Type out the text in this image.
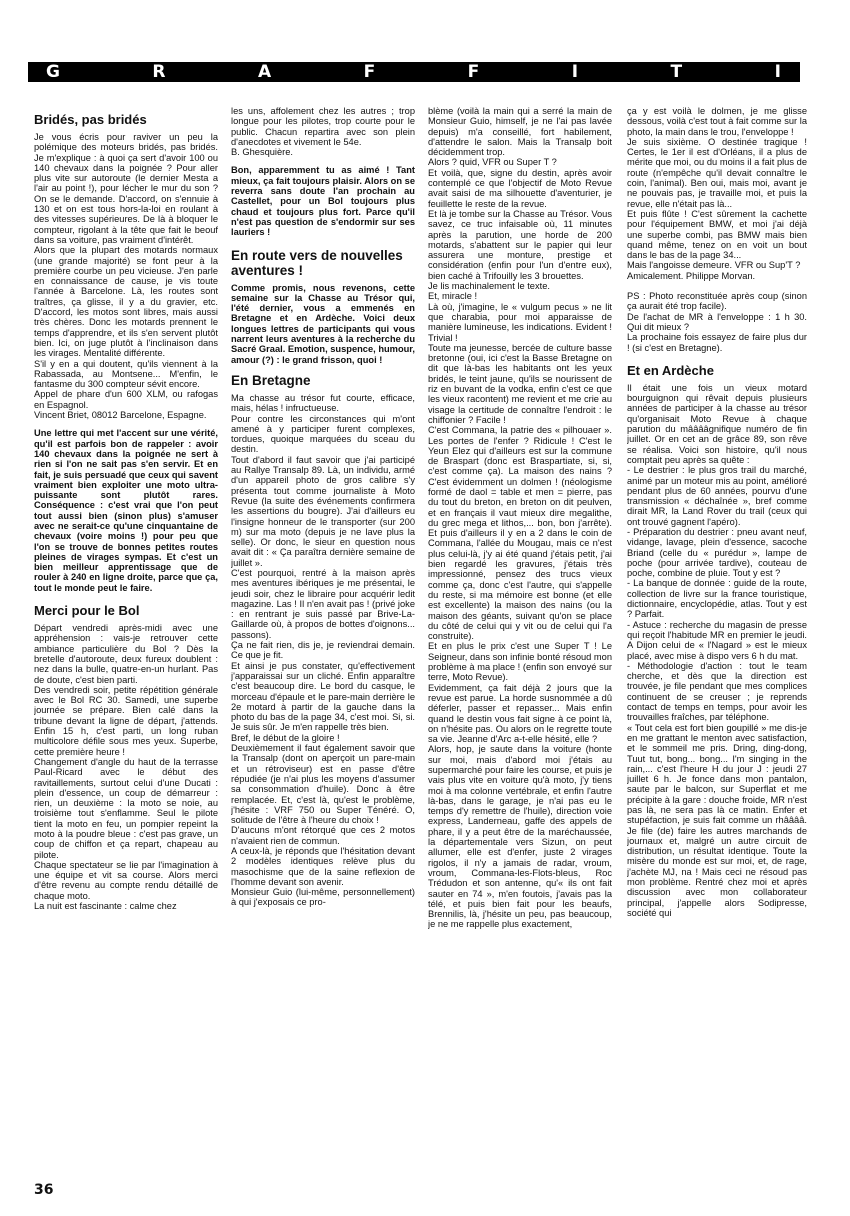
G	R	A	F	F	I	T	I
Bridés, pas bridés

Je vous écris pour raviver un peu la polémique des moteurs bridés, pas bridés. Je m'explique : à quoi ça sert d'avoir 100 ou 140 chevaux dans la poignée ? Pour aller plus vite sur autoroute (le dernier Mesta a l'air au point !), pour lécher le mur du son ? On se le demande. D'accord, on s'ennuie à 130 et on est tous hors-la-loi en roulant à des vitesses supérieures. De là à bloquer le compteur, rigolant à la tête que fait le beouf dans sa voiture, pas vraiment d'intérêt.

Alors que la plupart des motards normaux (une grande majorité) se font peur à la première courbe un peu vicieuse. J'en parle en connaissance de cause, je vis toute l'année à Barcelone. Là, les routes sont traîtres, ça glisse, il y a du gravier, etc. D'accord, les motos sont libres, mais aussi très chères. Donc les motards prennent le temps d'apprendre, et ils s'en servent plutôt bien. Ici, on juge plutôt à l'inclinaison dans les virages. Mentalité différente.

S'il y en a qui doutent, qu'ils viennent à la Rabassada, au Montsene... M'enfin, le fantasme du 300 compteur sévit encore.

Appel de phare d'un 600 XLM, ou rafogas en Espagnol.

Vincent Briet, 08012 Barcelone, Espagne.

Une lettre qui met l'accent sur une vérité, qu'il est parfois bon de rappeler : avoir 140 chevaux dans la poignée ne sert à rien si l'on ne sait pas s'en servir. Et en fait, je suis persuadé que ceux qui savent vraiment bien exploiter une moto ultra-puissante sont plutôt rares. Conséquence : c'est vrai que l'on peut tout aussi bien (sinon plus) s'amuser avec ne serait-ce qu'une cinquantaine de chevaux (voire moins !) pour peu que l'on se trouve de bonnes petites routes pleines de virages sympas. Et c'est un bien meilleur apprentissage que de rouler à 240 en ligne droite, parce que ça, tout le monde peut le faire.

Merci pour le Bol

Départ vendredi après-midi avec une appréhension : vais-je retrouver cette ambiance particulière du Bol ? Dès la bretelle d'autoroute, deux fureux doublent : nez dans la bulle, quatre-en-un hurlant. Pas de doute, c'est bien parti.

Des vendredi soir, petite répétition générale avec le Bol RC 30. Samedi, une superbe journée se prépare. Bien calé dans la tribune devant la ligne de départ, j'attends. Enfin 15 h, c'est parti, un long ruban multicolore défile sous mes yeux. Superbe, cette première heure !

Changement d'angle du haut de la terrasse Paul-Ricard avec le début des ravitaillements, surtout celui d'une Ducati : plein d'essence, un coup de démarreur : rien, un deuxième : la moto se noie, au troisième tout s'enflamme. Seul le pilote tient la moto en feu, un pompier repeint la moto à la poudre bleue : c'est pas grave, un coup de chiffon et ça repart, chapeau au pilote.

Chaque spectateur se lie par l'imagination à une équipe et vit sa course. Alors merci d'être revenu au compte rendu détaillé de chaque moto.

La nuit est fascinante : calme chez

les uns, affolement chez les autres ; trop longue pour les pilotes, trop courte pour le public. Chacun repartira avec son plein d'anecdotes et vivement le 54e.

B. Ghesquière.

Bon, apparemment tu as aimé ! Tant mieux, ça fait toujours plaisir. Alors on se reverra sans doute l'an prochain au Castellet, pour un Bol toujours plus chaud et toujours plus fort. Parce qu'il n'est pas question de s'endormir sur ses lauriers !

En route vers de nouvelles aventures !

Comme promis, nous revenons, cette semaine sur la Chasse au Trésor qui, l'été dernier, vous a emmenés en Bretagne et en Ardèche. Voici deux longues lettres de participants qui vous narrent leurs aventures à la recherche du Sacré Graal. Emotion, suspence, humour, amour (?) : le grand frisson, quoi !

En Bretagne

Ma chasse au trésor fut courte, efficace, mais, hélas ! infructueuse.

Pour contre les circonstances qui m'ont amené à y participer furent complexes, tordues, quoique marquées du sceau du destin.

Tout d'abord il faut savoir que j'ai participé au Rallye Transalp 89. Là, un individu, armé d'un appareil photo de gros calibre s'y présenta tout comme journaliste à Moto Revue (la suite des événements confirmera les assertions du bougre). J'ai d'ailleurs eu l'insigne honneur de le transporter (sur 200 m) sur ma moto (depuis je ne lave plus la selle). Or donc, le sieur en question nous avait dit : « Ça paraîtra dernière semaine de juillet ».

C'est pourquoi, rentré à la maison après mes aventures ibériques je me présentai, le jeudi soir, chez le libraire pour acquérir ledit magazine. Las ! Il n'en avait pas ! (privé joke : en rentrant je suis passé par Brive-La-Gaillarde où, à propos de bottes d'oignons... passons).

Ça ne fait rien, dis je, je reviendrai demain. Ce que je fit.

Et ainsi je pus constater, qu'effectivement j'apparaissai sur un cliché. Enfin apparaître c'est beaucoup dire. Le bord du casque, le morceau d'épaule et le pare-main derrière le 2e motard à partir de la gauche dans la photo du bas de la page 34, c'est moi. Si, si. Je suis sûr. Je m'en rappelle très bien.

Bref, le début de la gloire !

Deuxièmement il faut également savoir que la Transalp (dont on aperçoit un pare-main et un rétroviseur) est en passe d'être répudiée (je n'ai plus les moyens d'assumer sa consommation d'huile). Donc à être remplacée. Et, c'est là, qu'est le problème, j'hésite : VRF 750 ou Super Ténéré. O, solitude de l'être à l'heure du choix !

D'aucuns m'ont rétorqué que ces 2 motos n'avaient rien de commun.

A ceux-là, je réponds que l'hésitation devant 2 modèles identiques relève plus du masochisme que de la saine reflexion de l'homme devant son avenir.

Monsieur Guio (lui-même, personnellement) à qui j'exposais ce pro-

blème (voilà la main qui a serré la main de Monsieur Guio, himself, je ne l'ai pas lavée depuis) m'a conseillé, fort habilement, d'attendre le salon. Mais la Transalp boit décidemment trop.

Alors ? quid, VFR ou Super T ?

Et voilà, que, signe du destin, après avoir contemplé ce que l'objectif de Moto Revue avait saisi de ma silhouette d'aventurier, je feuillette le reste de la revue.

Et là je tombe sur la Chasse au Trésor. Vous savez, ce truc infaisable où, 11 minutes après la parution, une horde de 200 motards, s'abattent sur le papier qui leur assurera une monture, prestige et considération (enfin pour l'un d'entre eux), bien caché à Trifouilly les 3 brouettes.

Je lis machinalement le texte.

Et, miracle !

Là où, j'imagine, le « vulgum pecus » ne lit que charabia, pour moi apparaisse de manière lumineuse, les indications. Evident ! Trivial !

Toute ma jeunesse, bercée de culture basse bretonne (oui, ici c'est la Basse Bretagne on dit que là-bas les habitants ont les yeux bridés, le teint jaune, qu'ils se nourissent de riz en buvant de la vodka, enfin c'est ce que les vieux racontent) me revient et me crie au visage la certitude de connaître l'endroit : le chiffonier ? Facile !

C'est Commana, la patrie des « pilhouaer ». Les portes de l'enfer ? Ridicule ! C'est le Yeun Elez qui d'ailleurs est sur la commune de Braspart (donc est Braspartiate, si, si, c'est comme ça). La maison des nains ? C'est évidemment un dolmen ! (néologisme formé de daol = table et men = pierre, pas du tout du breton, en breton on dit peulven, et en français il vaut mieux dire megalithe, du grec mega et lithos,... bon, bon j'arrête). Et puis d'ailleurs il y en a 2 dans le coin de Commana, l'allée du Mougau, mais ce n'est plus celui-là, j'y ai été quand j'étais petit, j'ai bien regardé les gravures, j'étais très impressionné, pensez des trucs vieux comme ça, donc c'est l'autre, qui s'appelle du reste, si ma mémoire est bonne (et elle est excellente) la maison des nains (ou la maison des géants, suivant qu'on se place du côté de celui qui y vit ou de celui qui l'a construite).

Et en plus le prix c'est une Super T ! Le Seigneur, dans son infinie bonté résoud mon problème à ma place ! (enfin son envoyé sur terre, Moto Revue).

Evidemment, ça fait déjà 2 jours que la revue est parue. La horde susnommée a dû déferler, passer et repasser... Mais enfin quand le destin vous fait signe à ce point là, on n'hésite pas. Ou alors on le regrette toute sa vie. Jeanne d'Arc a-t-elle hésité, elle ?

Alors, hop, je saute dans la voiture (honte sur moi, mais d'abord moi j'étais au supermarché pour faire les course, et puis je vais plus vite en voiture qu'à moto, j'y tiens moi à ma colonne vertébrale, et enfin l'autre là-bas, dans le garage, je n'ai pas eu le temps d'y remettre de l'huile), direction voie express, Landerneau, gaffe des appels de phare, il y a peut être de la maréchaussée, la départementale vers Sizun, on peut allumer, elle est d'enfer, juste 2 virages rigolos, il n'y a jamais de radar, vroum, vroum, Commana-les-Flots-bleus, Roc Trédudon et son antenne, qu'« ils ont fait sauter en 74 », m'en foutois, j'avais pas la télé, et puis bien fait pour les beaufs, Brennilis, là, j'hésite un peu, pas beaucoup, je ne me rappelle plus exactement,

ça y est voilà le dolmen, je me glisse dessous, voilà c'est tout à fait comme sur la photo, la main dans le trou, l'enveloppe !

Je suis sixième. O destinée tragique ! Certes, le 1er il est d'Orléans, il a plus de mérite que moi, ou du moins il a fait plus de route (n'empêche qu'il devait connaître le coin, l'animal). Ben oui, mais moi, avant je ne pouvais pas, je travaille moi, et puis la revue, elle n'était pas là...

Et puis flûte ! C'est sûrement la cachette pour l'équipement BMW, et moi j'ai déjà une superbe combi, pas BMW mais bien quand même, tenez on en voit un bout dans le bas de la page 34...

Mais l'angoisse demeure. VFR ou Sup'T ?

Amicalement. Philippe Morvan.

PS : Photo reconstituée après coup (sinon ça aurait été trop facile).

De l'achat de MR à l'enveloppe : 1 h 30. Qui dit mieux ?

La prochaine fois essayez de faire plus dur ! (si c'est en Bretagne).

Et en Ardèche

Il était une fois un vieux motard bourguignon qui rêvait depuis plusieurs années de participer à la chasse au trésor qu'organisait Moto Revue à chaque parution du mââââgnifique numéro de fin juillet. Or en cet an de grâce 89, son rêve se réalisa. Voici son histoire, qu'il nous comptait peu après sa quête :

- Le destrier : le plus gros trail du marché, animé par un moteur mis au point, amélioré pendant plus de 60 années, pourvu d'une transmission « déchaînée », bref comme dirait MR, la Land Rover du trail (ceux qui ont trouvé gagnent l'apéro).

- Préparation du destrier : pneu avant neuf, vidange, lavage, plein d'essence, sacoche Briand (celle du « purédur », lampe de poche (pour arrivée tardive), couteau de poche, combine de pluie. Tout y est ?

- La banque de donnée : guide de la route, collection de livre sur la france touristique, dictionnaire, encyclopédie, atlas. Tout y est ? Parfait.

- Astuce : recherche du magasin de presse qui reçoit l'habitude MR en premier le jeudi. A Dijon celui de « l'Nagard » est le mieux placé, avec mise à dispo vers 6 h du mat.

- Méthodologie d'action : tout le team cherche, et dès que la direction est trouvée, je file pendant que mes complices continuent de se creuser ; je reprends contact de temps en temps, pour avoir les trouvailles fraîches, par téléphone.

« Tout cela est fort bien goupillé » me dis-je en me grattant le menton avec satisfaction, et le sommeil me pris. Dring, ding-dong, Tuut tut, bong... bong... I'm singing in the rain,... c'est l'heure H du jour J : jeudi 27 juillet 6 h. Je fonce dans mon pantalon, saute par le balcon, sur Superflat et me précipite à la gare : douche froide, MR n'est pas là, ne sera pas là ce matin. Enfer et stupéfaction, je suis fait comme un rhââââ. Je file (de) faire les autres marchands de journaux et, malgré un autre circuit de distribution, un résultat identique. Toute la misère du monde est sur moi, et, de rage, j'achète MJ, na ! Mais ceci ne résoud pas mon problème. Rentré chez moi et après discussion avec mon collaborateur principal, j'appelle alors Sodipresse, société qui

36
